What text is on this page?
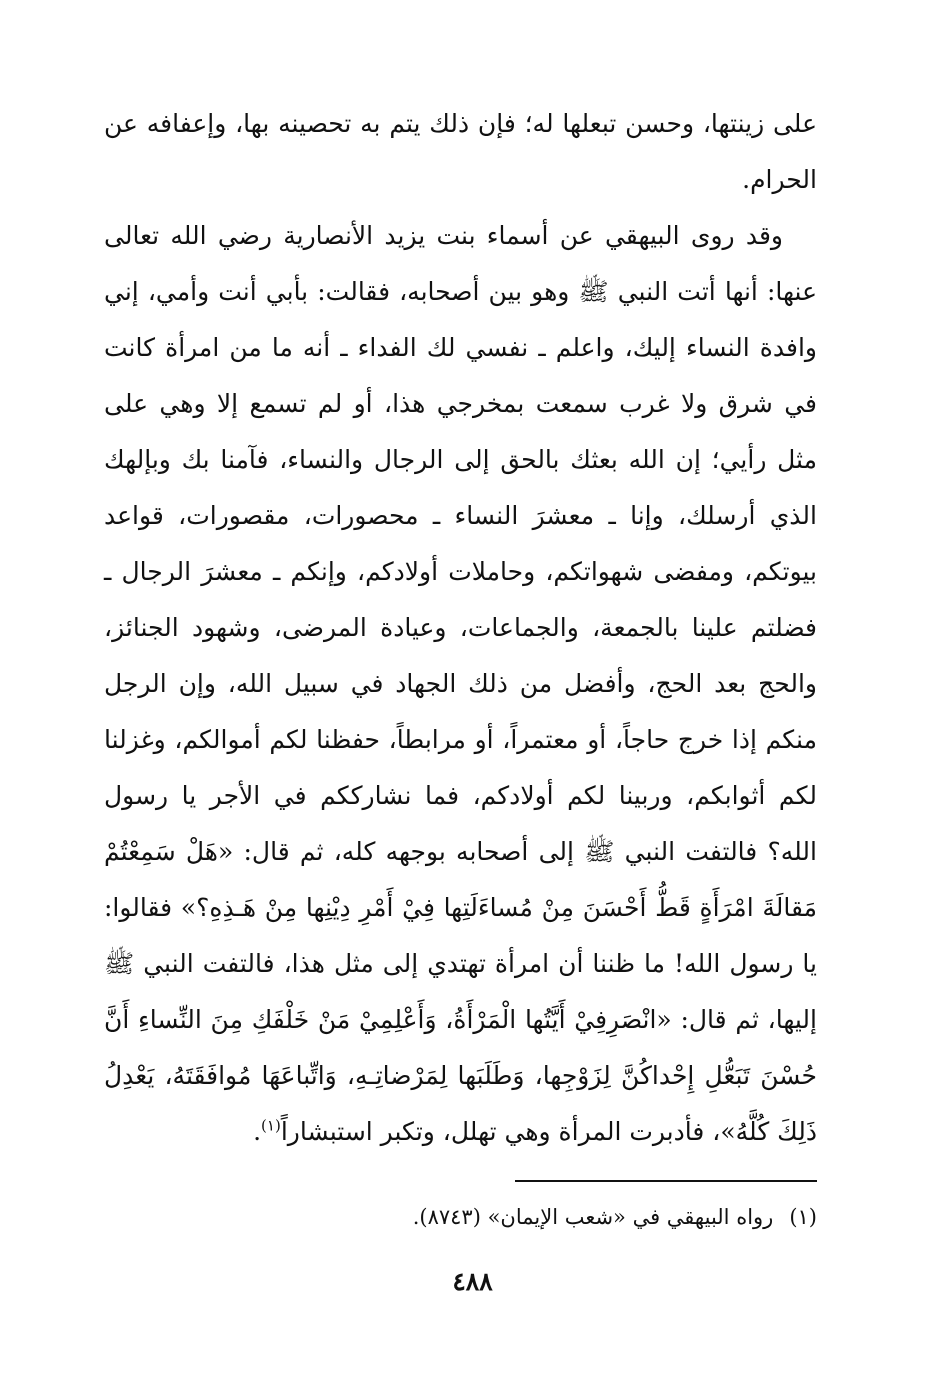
على زينتها، وحسن تبعلها له؛ فإن ذلك يتم به تحصينه بها، وإعفافه عن الحرام.

وقد روى البيهقي عن أسماء بنت يزيد الأنصارية رضي الله تعالى عنها: أنها أتت النبي ﷺ وهو بين أصحابه، فقالت: بأبي أنت وأمي، إني وافدة النساء إليك، واعلم ـ نفسي لك الفداء ـ أنه ما من امرأة كانت في شرق ولا غرب سمعت بمخرجي هذا، أو لم تسمع إلا وهي على مثل رأيي؛ إن الله بعثك بالحق إلى الرجال والنساء، فآمنا بك وبإلهك الذي أرسلك، وإنا ـ معشرَ النساء ـ محصورات، مقصورات، قواعد بيوتكم، ومفضى شهواتكم، وحاملات أولادكم، وإنكم ـ معشرَ الرجال ـ فضلتم علينا بالجمعة، والجماعات، وعيادة المرضى، وشهود الجنائز، والحج بعد الحج، وأفضل من ذلك الجهاد في سبيل الله، وإن الرجل منكم إذا خرج حاجاً، أو معتمراً، أو مرابطاً، حفظنا لكم أموالكم، وغزلنا لكم أثوابكم، وربينا لكم أولادكم، فما نشارككم في الأجر يا رسول الله؟ فالتفت النبي ﷺ إلى أصحابه بوجهه كله، ثم قال: «هَلْ سَمِعْتُمْ مَقالَةَ امْرَأَةٍ قَطُّ أَحْسَنَ مِنْ مُساءَلَتِها فِيْ أَمْرِ دِيْنِها مِنْ هَـذِهِ؟» فقالوا: يا رسول الله! ما ظننا أن امرأة تهتدي إلى مثل هذا، فالتفت النبي ﷺ إليها، ثم قال: «انْصَرِفِيْ أَيَّتُها الْمَرْأَةُ، وَأَعْلِمِيْ مَنْ خَلْفَكِ مِنَ النِّساءِ أَنَّ حُسْنَ تَبَعُّلِ إِحْداكُنَّ لِزَوْجِها، وَطَلَبَها لِمَرْضاتِـهِ، وَاتِّباعَهَا مُوافَقَتَهُ، يَعْدِلُ ذَلِكَ كُلَّهُ»، فأدبرت المرأة وهي تهلل، وتكبر استبشاراً$^{(١)}$.

(١)رواه البيهقي في «شعب الإيمان» (٨٧٤٣).
٤٨٨
